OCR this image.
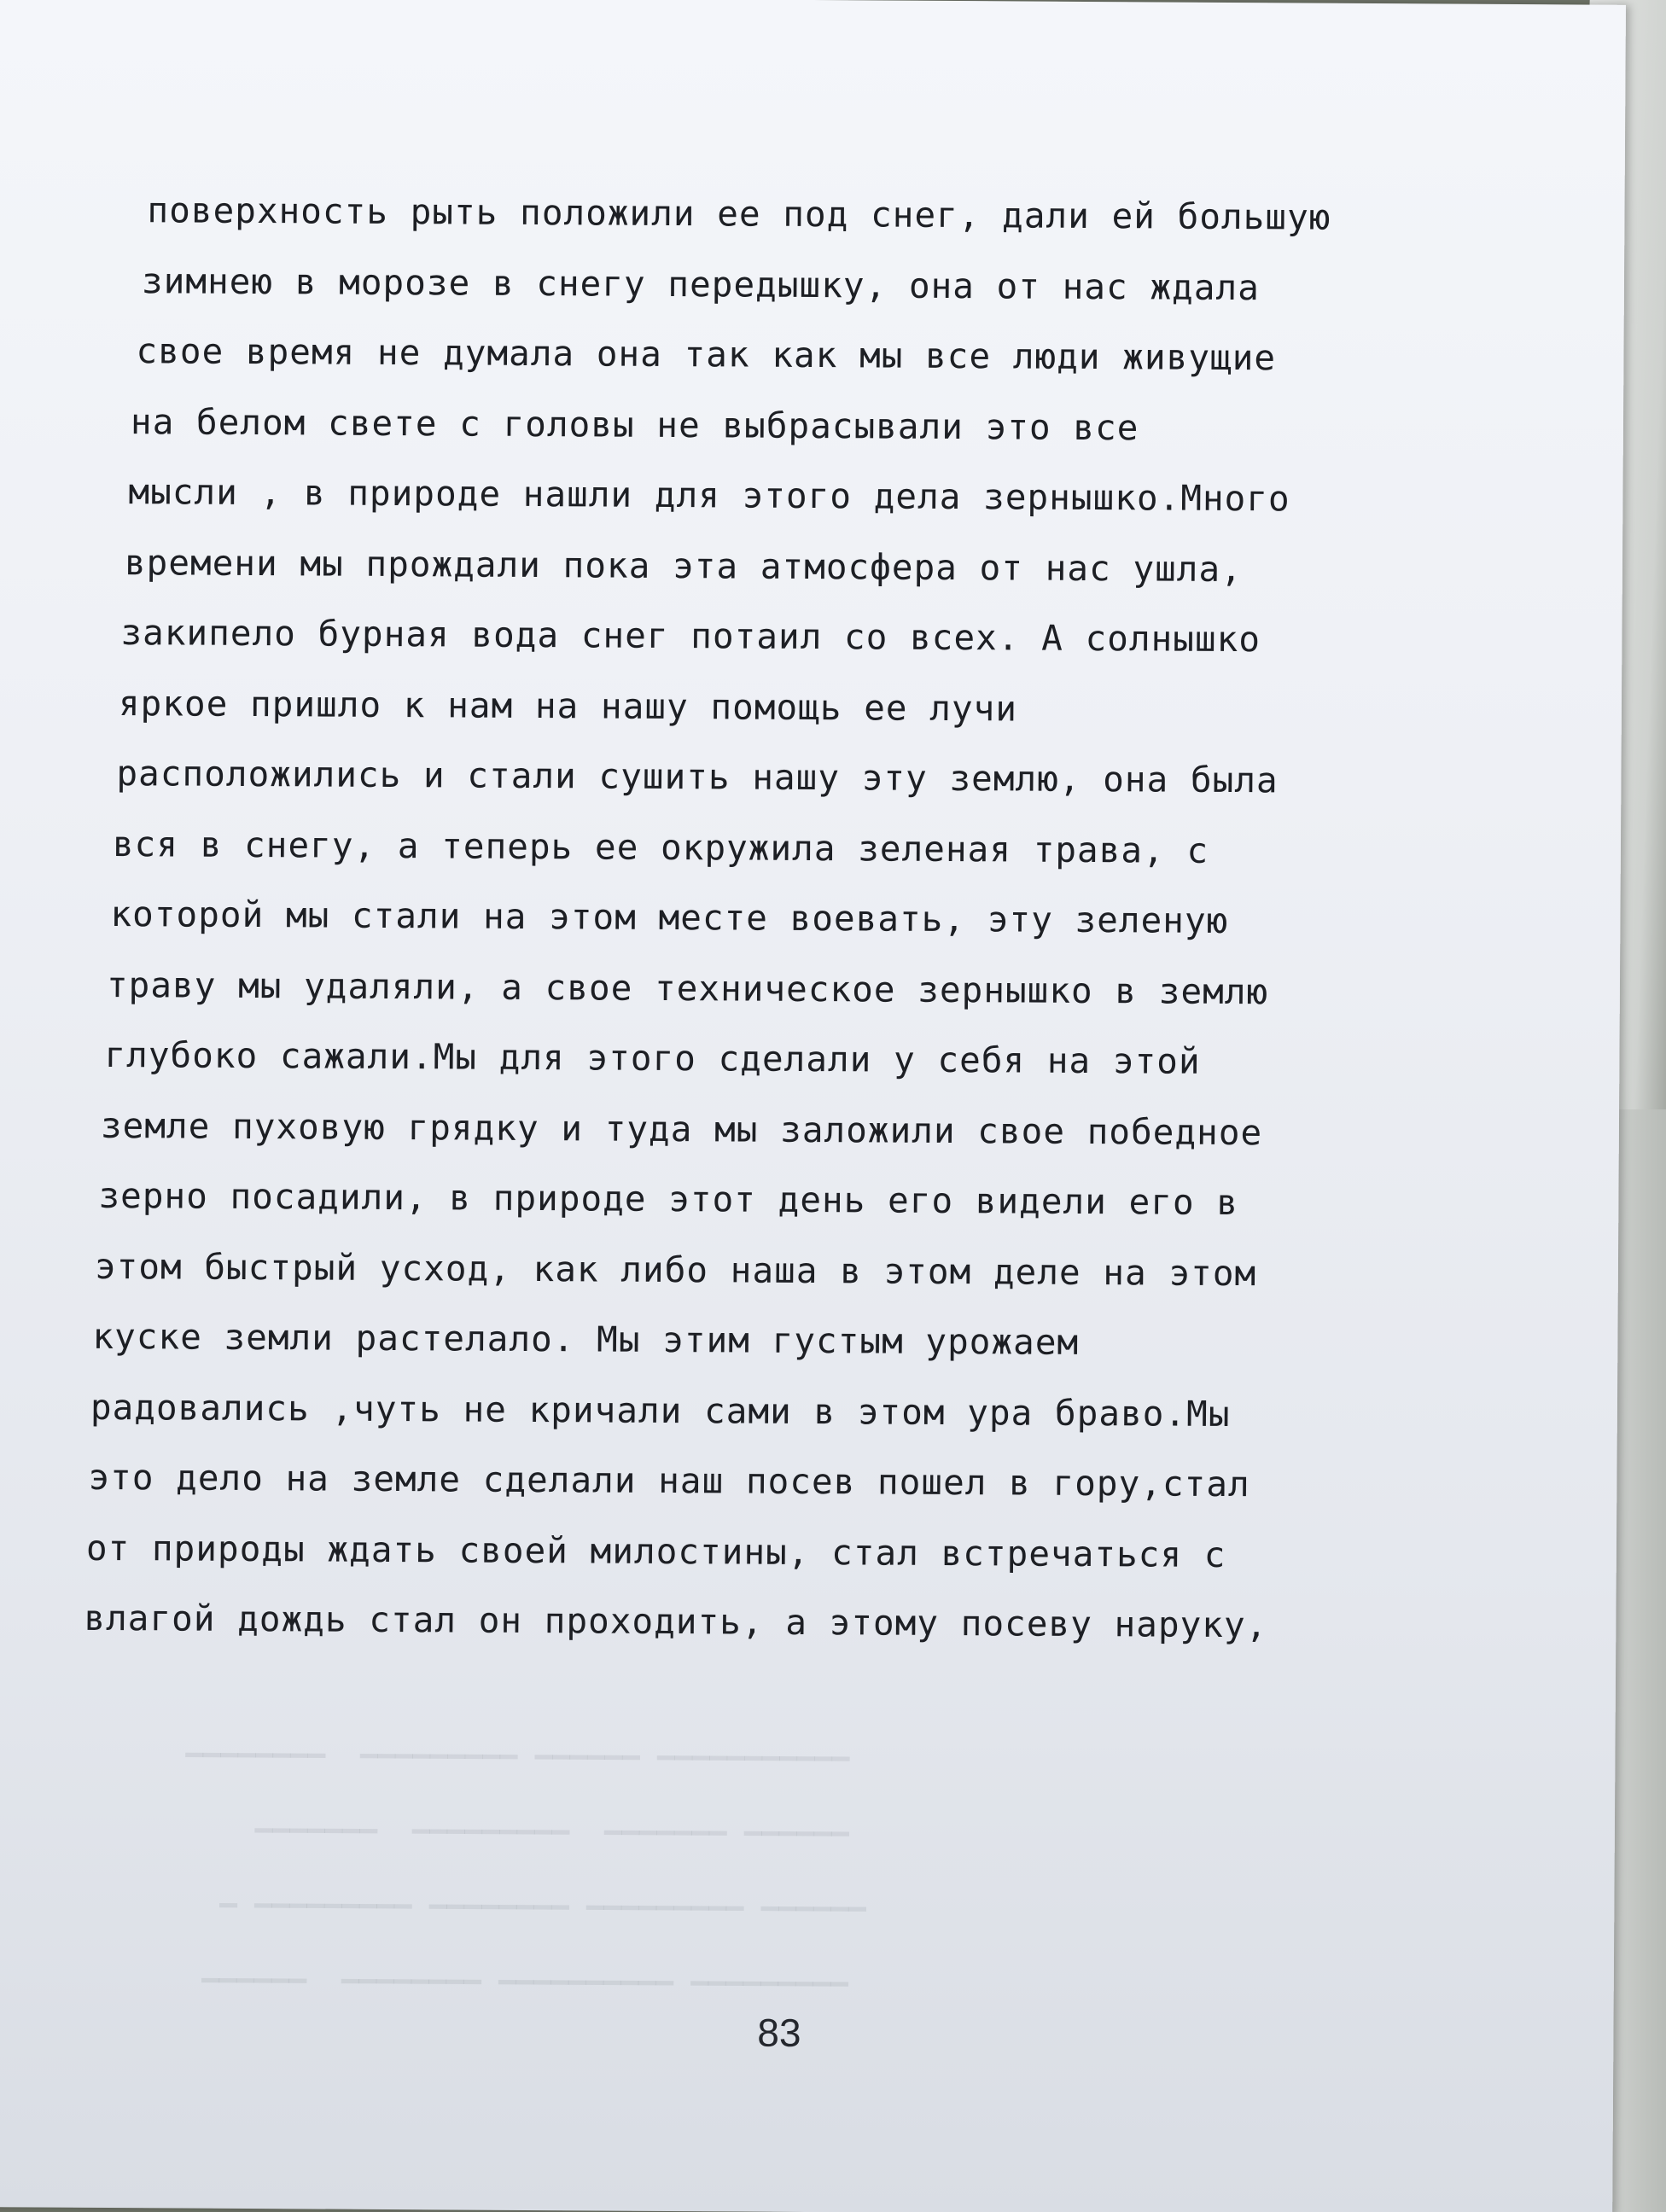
▁▁▁▁▁▁▁▁  ▁▁▁▁▁▁▁▁▁ ▁▁▁▁▁▁ ▁▁▁▁▁▁▁▁▁▁▁
▁▁▁▁▁▁▁  ▁▁▁▁▁▁▁▁▁  ▁▁▁▁▁▁▁ ▁▁▁▁▁▁
▁ ▁▁▁▁▁▁▁▁▁ ▁▁▁▁▁▁▁▁ ▁▁▁▁▁▁▁▁▁ ▁▁▁▁▁▁
▁▁▁▁▁▁  ▁▁▁▁▁▁▁▁ ▁▁▁▁▁▁▁▁▁▁ ▁▁▁▁▁▁▁▁▁
поверхность рыть положили ее под снег, дали ей большую
зимнею в морозе в снегу передышку, она от нас ждала
свое время не думала она так как мы все люди живущие
на белом свете с головы не выбрасывали это все
мысли , в природе нашли для этого дела зернышко.Много
времени мы прождали пока эта атмосфера от нас ушла,
закипело бурная вода снег потаил со всех. А солнышко
яркое пришло к нам на нашу помощь ее лучи
расположились и стали сушить нашу эту землю, она была
вся в снегу, а теперь ее окружила зеленая трава, с
которой мы стали на этом месте воевать, эту зеленую
траву мы удаляли, а свое техническое зернышко в землю
глубоко сажали.Мы для этого сделали у себя на этой
земле пуховую грядку и туда мы заложили свое победное
зерно посадили, в природе этот день его видели его в
этом быстрый усход, как либо наша в этом деле на этом
куске земли растелало. Мы этим густым урожаем
радовались ,чуть не кричали сами в этом ура браво.Мы
это дело на земле сделали наш посев пошел в гору,стал
от природы ждать своей милостины, стал встречаться с
влагой дождь стал он проходить, а этому посеву наруку,
83
